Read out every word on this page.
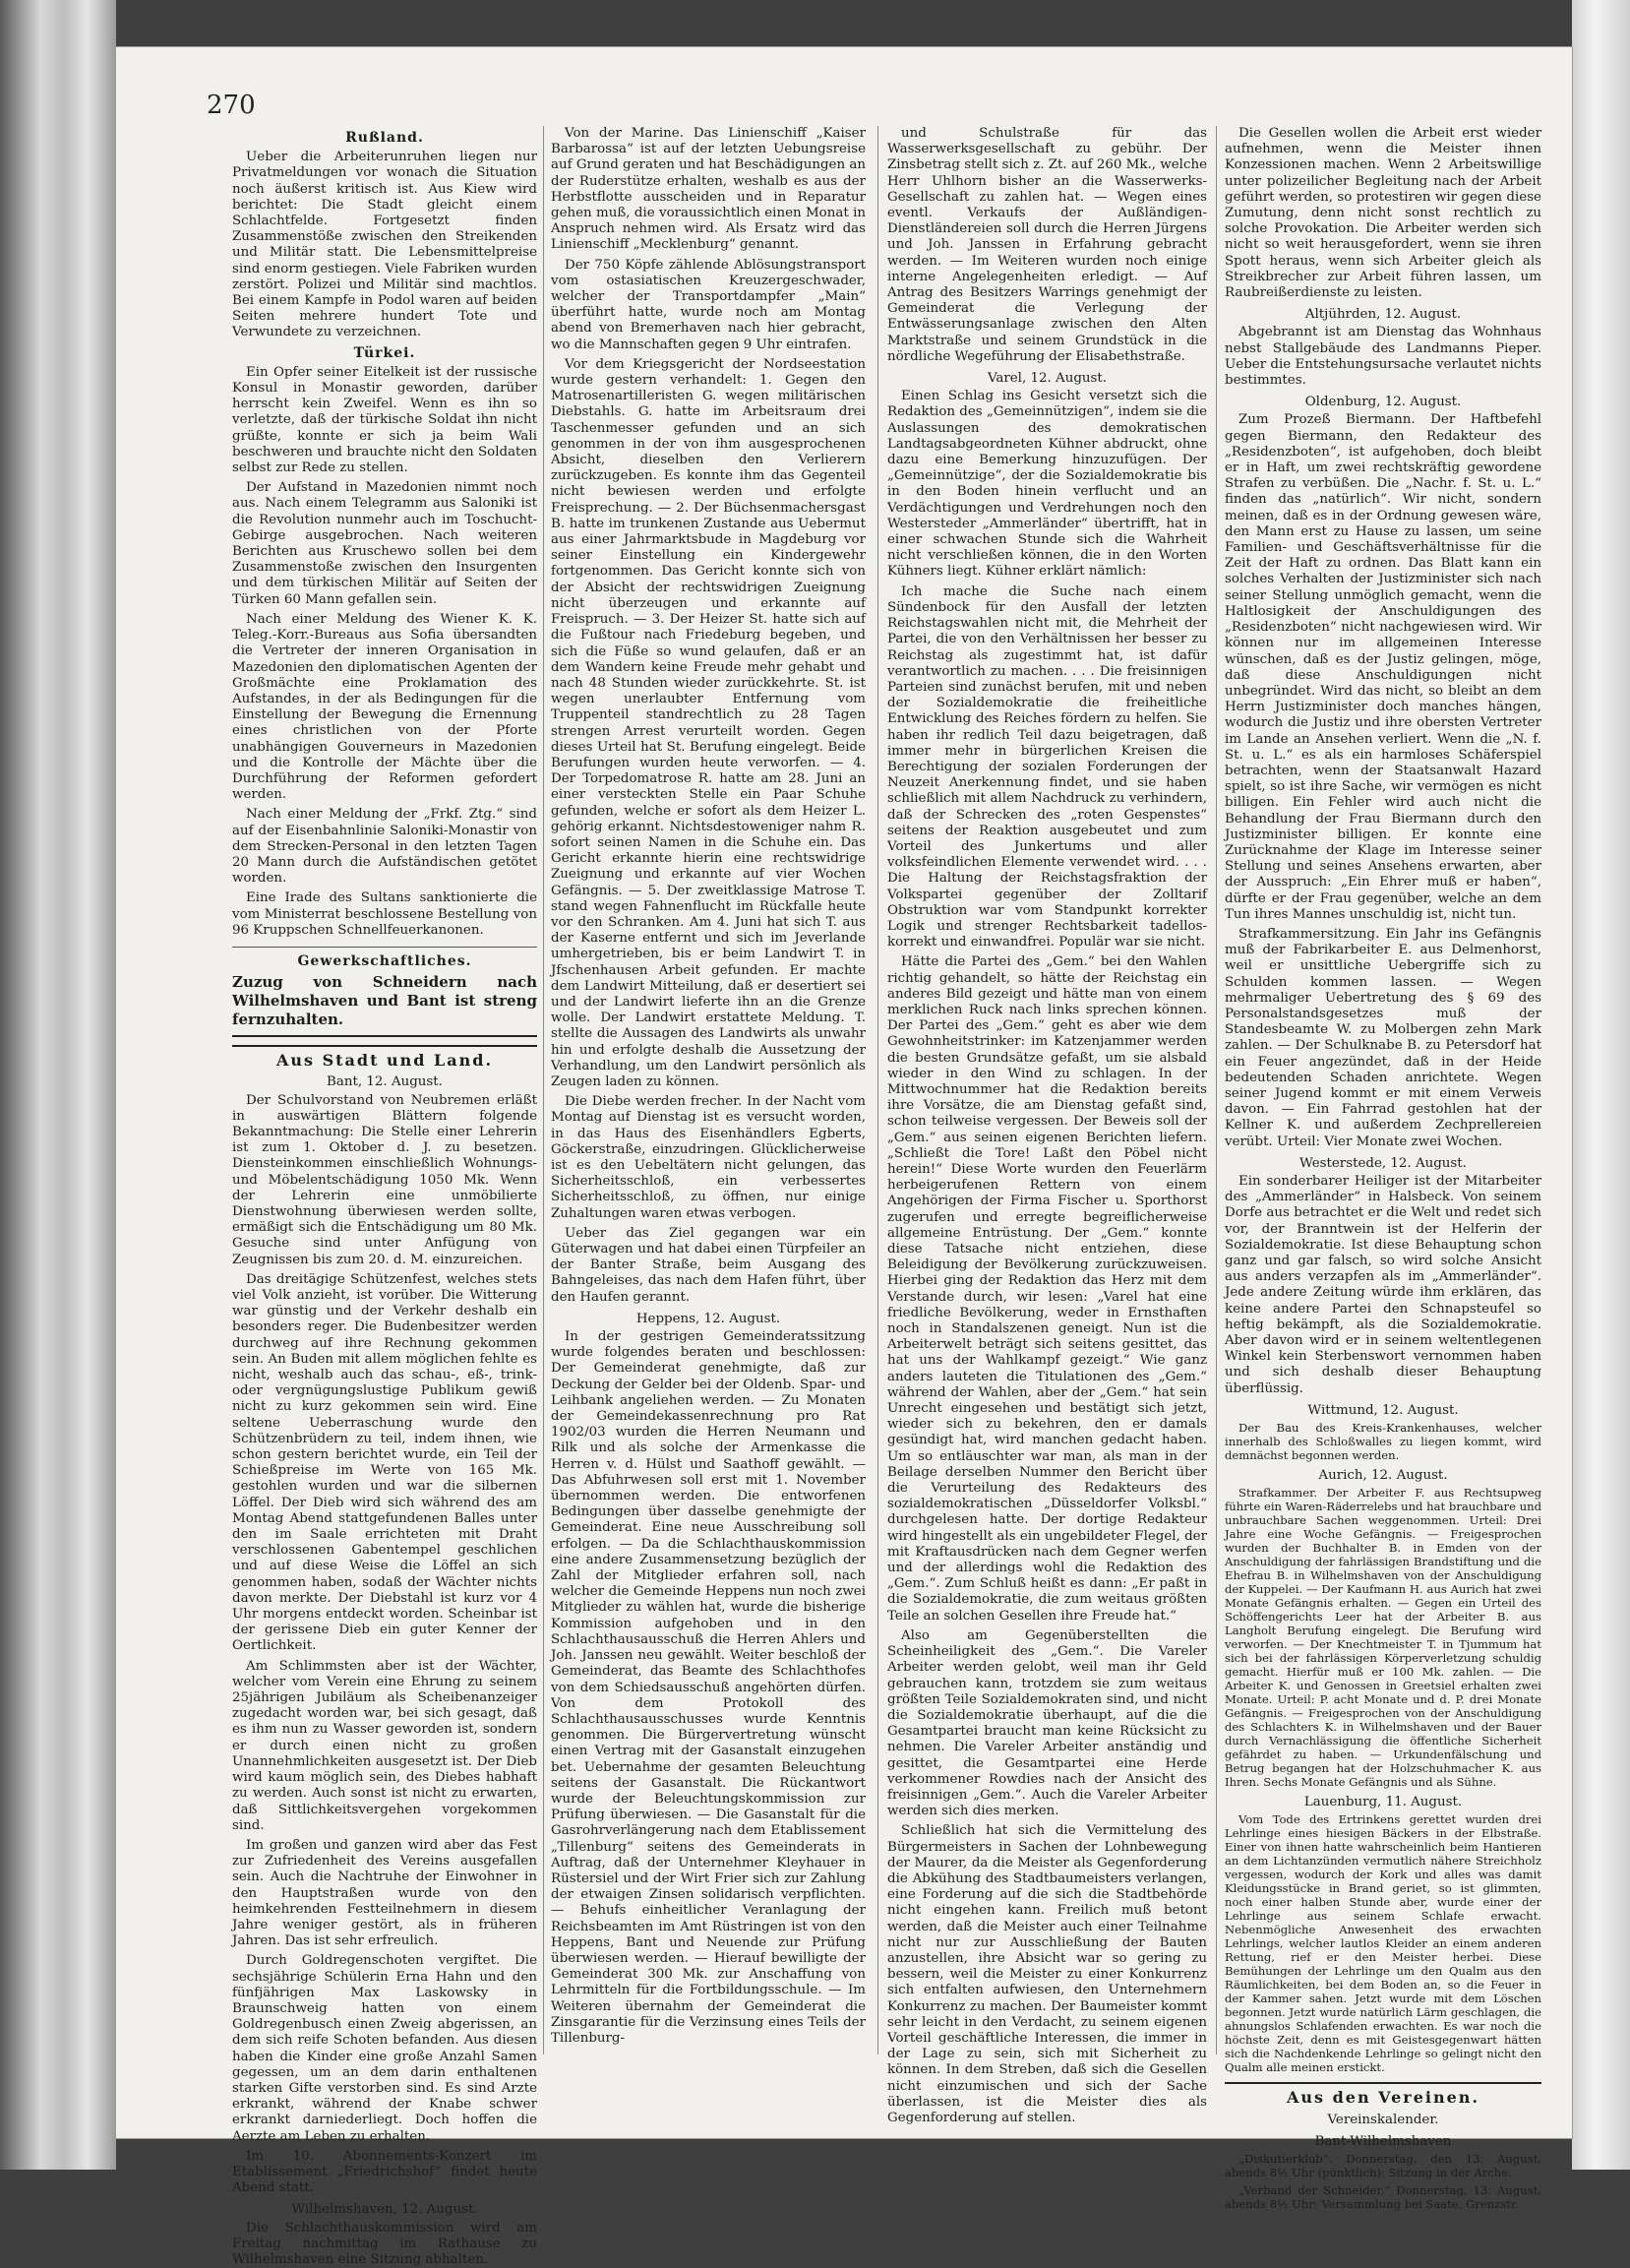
270
Rußland.

Ueber die Arbeiterunruhen liegen nur Privatmeldungen vor wonach die Situation noch äußerst kritisch ist. Aus Kiew wird berichtet: Die Stadt gleicht einem Schlachtfelde. Fortgesetzt finden Zusammenstöße zwischen den Streikenden und Militär statt. Die Lebensmittelpreise sind enorm gestiegen. Viele Fabriken wurden zerstört. Polizei und Militär sind machtlos. Bei einem Kampfe in Podol waren auf beiden Seiten mehrere hundert Tote und Verwundete zu verzeichnen.

Türkei.

Ein Opfer seiner Eitelkeit ist der russische Konsul in Monastir geworden, darüber herrscht kein Zweifel. Wenn es ihn so verletzte, daß der türkische Soldat ihn nicht grüßte, konnte er sich ja beim Wali beschweren und brauchte nicht den Soldaten selbst zur Rede zu stellen.

Der Aufstand in Mazedonien nimmt noch aus. Nach einem Telegramm aus Saloniki ist die Revolution nunmehr auch im Toschucht-Gebirge ausgebrochen. Nach weiteren Berichten aus Kruschewo sollen bei dem Zusammenstoße zwischen den Insurgenten und dem türkischen Militär auf Seiten der Türken 60 Mann gefallen sein.

Nach einer Meldung des Wiener K. K. Teleg.-Korr.-Bureaus aus Sofia übersandten die Vertreter der inneren Organisation in Mazedonien den diplomatischen Agenten der Großmächte eine Proklamation des Aufstandes, in der als Bedingungen für die Einstellung der Bewegung die Ernennung eines christlichen von der Pforte unabhängigen Gouverneurs in Mazedonien und die Kontrolle der Mächte über die Durchführung der Reformen gefordert werden.

Nach einer Meldung der „Frkf. Ztg.“ sind auf der Eisenbahnlinie Saloniki-Monastir von dem Strecken-Personal in den letzten Tagen 20 Mann durch die Aufständischen getötet worden.

Eine Irade des Sultans sanktionierte die vom Ministerrat beschlossene Bestellung von 96 Kruppschen Schnellfeuerkanonen.

Gewerkschaftliches.

Zuzug von Schneidern nach Wilhelmshaven und Bant ist streng fernzuhalten.

Aus Stadt und Land.
Bant, 12. August.

Der Schulvorstand von Neubremen erläßt in auswärtigen Blättern folgende Bekanntmachung: Die Stelle einer Lehrerin ist zum 1. Oktober d. J. zu besetzen. Diensteinkommen einschließlich Wohnungs- und Möbelentschädigung 1050 Mk. Wenn der Lehrerin eine unmöbilierte Dienstwohnung überwiesen werden sollte, ermäßigt sich die Entschädigung um 80 Mk. Gesuche sind unter Anfügung von Zeugnissen bis zum 20. d. M. einzureichen.

Das dreitägige Schützenfest, welches stets viel Volk anzieht, ist vorüber. Die Witterung war günstig und der Verkehr deshalb ein besonders reger. Die Budenbesitzer werden durchweg auf ihre Rechnung gekommen sein. An Buden mit allem möglichen fehlte es nicht, weshalb auch das schau-, eß-, trink- oder vergnügungslustige Publikum gewiß nicht zu kurz gekommen sein wird. Eine seltene Ueberraschung wurde den Schützenbrüdern zu teil, indem ihnen, wie schon gestern berichtet wurde, ein Teil der Schießpreise im Werte von 165 Mk. gestohlen wurden und war die silbernen Löffel. Der Dieb wird sich während des am Montag Abend stattgefundenen Balles unter den im Saale errichteten mit Draht verschlossenen Gabentempel geschlichen und auf diese Weise die Löffel an sich genommen haben, sodaß der Wächter nichts davon merkte. Der Diebstahl ist kurz vor 4 Uhr morgens entdeckt worden. Scheinbar ist der gerissene Dieb ein guter Kenner der Oertlichkeit.

Am Schlimmsten aber ist der Wächter, welcher vom Verein eine Ehrung zu seinem 25jährigen Jubiläum als Scheibenanzeiger zugedacht worden war, bei sich gesagt, daß es ihm nun zu Wasser geworden ist, sondern er durch einen nicht zu großen Unannehmlichkeiten ausgesetzt ist. Der Dieb wird kaum möglich sein, des Diebes habhaft zu werden. Auch sonst ist nicht zu erwarten, daß Sittlichkeitsvergehen vorgekommen sind.

Im großen und ganzen wird aber das Fest zur Zufriedenheit des Vereins ausgefallen sein. Auch die Nachtruhe der Einwohner in den Hauptstraßen wurde von den heimkehrenden Festteilnehmern in diesem Jahre weniger gestört, als in früheren Jahren. Das ist sehr erfreulich.

Durch Goldregenschoten vergiftet. Die sechsjährige Schülerin Erna Hahn und den fünfjährigen Max Laskowsky in Braunschweig hatten von einem Goldregenbusch einen Zweig abgerissen, an dem sich reife Schoten befanden. Aus diesen haben die Kinder eine große Anzahl Samen gegessen, um an dem darin enthaltenen starken Gifte verstorben sind. Es sind Arzte erkrankt, während der Knabe schwer erkrankt darniederliegt. Doch hoffen die Aerzte am Leben zu erhalten.

Im 10. Abonnements-Konzert im Etablissement „Friedrichshof“ findet heute Abend statt.

Wilhelmshaven, 12. August.

Die Schlachthauskommission wird am Freitag nachmittag im Rathause zu Wilhelmshaven eine Sitzung abhalten.

Von der Marine. Das Linienschiff „Kaiser Barbarossa“ ist auf der letzten Uebungsreise auf Grund geraten und hat Beschädigungen an der Ruderstütze erhalten, weshalb es aus der Herbstflotte ausscheiden und in Reparatur gehen muß, die voraussichtlich einen Monat in Anspruch nehmen wird. Als Ersatz wird das Linienschiff „Mecklenburg“ genannt.

Der 750 Köpfe zählende Ablösungstransport vom ostasiatischen Kreuzergeschwader, welcher der Transportdampfer „Main“ überführt hatte, wurde noch am Montag abend von Bremerhaven nach hier gebracht, wo die Mannschaften gegen 9 Uhr eintrafen.

Vor dem Kriegsgericht der Nordseestation wurde gestern verhandelt: 1. Gegen den Matrosenartilleristen G. wegen militärischen Diebstahls. G. hatte im Arbeitsraum drei Taschenmesser gefunden und an sich genommen in der von ihm ausgesprochenen Absicht, dieselben den Verlierern zurückzugeben. Es konnte ihm das Gegenteil nicht bewiesen werden und erfolgte Freisprechung. — 2. Der Büchsenmachersgast B. hatte im trunkenen Zustande aus Uebermut aus einer Jahrmarktsbude in Magdeburg vor seiner Einstellung ein Kindergewehr fortgenommen. Das Gericht konnte sich von der Absicht der rechtswidrigen Zueignung nicht überzeugen und erkannte auf Freispruch. — 3. Der Heizer St. hatte sich auf die Fußtour nach Friedeburg begeben, und sich die Füße so wund gelaufen, daß er an dem Wandern keine Freude mehr gehabt und nach 48 Stunden wieder zurückkehrte. St. ist wegen unerlaubter Entfernung vom Truppenteil standrechtlich zu 28 Tagen strengen Arrest verurteilt worden. Gegen dieses Urteil hat St. Berufung eingelegt. Beide Berufungen wurden heute verworfen. — 4. Der Torpedomatrose R. hatte am 28. Juni an einer versteckten Stelle ein Paar Schuhe gefunden, welche er sofort als dem Heizer L. gehörig erkannt. Nichtsdestoweniger nahm R. sofort seinen Namen in die Schuhe ein. Das Gericht erkannte hierin eine rechtswidrige Zueignung und erkannte auf vier Wochen Gefängnis. — 5. Der zweitklassige Matrose T. stand wegen Fahnenflucht im Rückfalle heute vor den Schranken. Am 4. Juni hat sich T. aus der Kaserne entfernt und sich im Jeverlande umhergetrieben, bis er beim Landwirt T. in Jfschenhausen Arbeit gefunden. Er machte dem Landwirt Mitteilung, daß er desertiert sei und der Landwirt lieferte ihn an die Grenze wolle. Der Landwirt erstattete Meldung. T. stellte die Aussagen des Landwirts als unwahr hin und erfolgte deshalb die Aussetzung der Verhandlung, um den Landwirt persönlich als Zeugen laden zu können.

Die Diebe werden frecher. In der Nacht vom Montag auf Dienstag ist es versucht worden, in das Haus des Eisenhändlers Egberts, Göckerstraße, einzudringen. Glücklicherweise ist es den Uebeltätern nicht gelungen, das Sicherheitsschloß, ein verbessertes Sicherheitsschloß, zu öffnen, nur einige Zuhaltungen waren etwas verbogen.

Ueber das Ziel gegangen war ein Güterwagen und hat dabei einen Türpfeiler an der Banter Straße, beim Ausgang des Bahngeleises, das nach dem Hafen führt, über den Haufen gerannt.

Heppens, 12. August.

In der gestrigen Gemeinderatssitzung wurde folgendes beraten und beschlossen: Der Gemeinderat genehmigte, daß zur Deckung der Gelder bei der Oldenb. Spar- und Leihbank angeliehen werden. — Zu Monaten der Gemeindekassenrechnung pro Rat 1902/03 wurden die Herren Neumann und Rilk und als solche der Armenkasse die Herren v. d. Hülst und Saathoff gewählt. — Das Abfuhrwesen soll erst mit 1. November übernommen werden. Die entworfenen Bedingungen über dasselbe genehmigte der Gemeinderat. Eine neue Ausschreibung soll erfolgen. — Da die Schlachthauskommission eine andere Zusammensetzung bezüglich der Zahl der Mitglieder erfahren soll, nach welcher die Gemeinde Heppens nun noch zwei Mitglieder zu wählen hat, wurde die bisherige Kommission aufgehoben und in den Schlachthausausschuß die Herren Ahlers und Joh. Janssen neu gewählt. Weiter beschloß der Gemeinderat, das Beamte des Schlachthofes von dem Schiedsausschuß angehörten dürfen. Von dem Protokoll des Schlachthausausschusses wurde Kenntnis genommen. Die Bürgervertretung wünscht einen Vertrag mit der Gasanstalt einzugehen bet. Uebernahme der gesamten Beleuchtung seitens der Gasanstalt. Die Rückantwort wurde der Beleuchtungskommission zur Prüfung überwiesen. — Die Gasanstalt für die Gasrohrverlängerung nach dem Etablissement „Tillenburg“ seitens des Gemeinderats in Auftrag, daß der Unternehmer Kleyhauer in Rüstersiel und der Wirt Frier sich zur Zahlung der etwaigen Zinsen solidarisch verpflichten. — Behufs einheitlicher Veranlagung der Reichsbeamten im Amt Rüstringen ist von den Heppens, Bant und Neuende zur Prüfung überwiesen werden. — Hierauf bewilligte der Gemeinderat 300 Mk. zur Anschaffung von Lehrmitteln für die Fortbildungsschule. — Im Weiteren übernahm der Gemeinderat die Zinsgarantie für die Verzinsung eines Teils der Tillenburg-

und Schulstraße für das Wasserwerksgesellschaft zu gebühr. Der Zinsbetrag stellt sich z. Zt. auf 260 Mk., welche Herr Uhlhorn bisher an die Wasserwerks-Gesellschaft zu zahlen hat. — Wegen eines eventl. Verkaufs der Außländigen-Dienstländereien soll durch die Herren Jürgens und Joh. Janssen in Erfahrung gebracht werden. — Im Weiteren wurden noch einige interne Angelegenheiten erledigt. — Auf Antrag des Besitzers Warrings genehmigt der Gemeinderat die Verlegung der Entwässerungsanlage zwischen den Alten Marktstraße und seinem Grundstück in die nördliche Wegeführung der Elisabethstraße.

Varel, 12. August.

Einen Schlag ins Gesicht versetzt sich die Redaktion des „Gemeinnützigen“, indem sie die Auslassungen des demokratischen Landtagsabgeordneten Kühner abdruckt, ohne dazu eine Bemerkung hinzuzufügen. Der „Gemeinnützige“, der die Sozialdemokratie bis in den Boden hinein verflucht und an Verdächtigungen und Verdrehungen noch den Westersteder „Ammerländer“ übertrifft, hat in einer schwachen Stunde sich die Wahrheit nicht verschließen können, die in den Worten Kühners liegt. Kühner erklärt nämlich:

Ich mache die Suche nach einem Sündenbock für den Ausfall der letzten Reichstagswahlen nicht mit, die Mehrheit der Partei, die von den Verhältnissen her besser zu Reichstag als zugestimmt hat, ist dafür verantwortlich zu machen. . . . Die freisinnigen Parteien sind zunächst berufen, mit und neben der Sozialdemokratie die freiheitliche Entwicklung des Reiches fördern zu helfen. Sie haben ihr redlich Teil dazu beigetragen, daß immer mehr in bürgerlichen Kreisen die Berechtigung der sozialen Forderungen der Neuzeit Anerkennung findet, und sie haben schließlich mit allem Nachdruck zu verhindern, daß der Schrecken des „roten Gespenstes“ seitens der Reaktion ausgebeutet und zum Vorteil des Junkertums und aller volksfeindlichen Elemente verwendet wird. . . . Die Haltung der Reichstagsfraktion der Volkspartei gegenüber der Zolltarif Obstruktion war vom Standpunkt korrekter Logik und strenger Rechtsbarkeit tadellos-korrekt und einwandfrei. Populär war sie nicht.

Hätte die Partei des „Gem.“ bei den Wahlen richtig gehandelt, so hätte der Reichstag ein anderes Bild gezeigt und hätte man von einem merklichen Ruck nach links sprechen können. Der Partei des „Gem.“ geht es aber wie dem Gewohnheitstrinker: im Katzenjammer werden die besten Grundsätze gefaßt, um sie alsbald wieder in den Wind zu schlagen. In der Mittwochnummer hat die Redaktion bereits ihre Vorsätze, die am Dienstag gefaßt sind, schon teilweise vergessen. Der Beweis soll der „Gem.“ aus seinen eigenen Berichten liefern. „Schließt die Tore! Laßt den Pöbel nicht herein!“ Diese Worte wurden den Feuerlärm herbeigerufenen Rettern von einem Angehörigen der Firma Fischer u. Sporthorst zugerufen und erregte begreiflicherweise allgemeine Entrüstung. Der „Gem.“ konnte diese Tatsache nicht entziehen, diese Beleidigung der Bevölkerung zurückzuweisen. Hierbei ging der Redaktion das Herz mit dem Verstande durch, wir lesen: „Varel hat eine friedliche Bevölkerung, weder in Ernsthaften noch in Standalszenen geneigt. Nun ist die Arbeiterwelt beträgt sich seitens gesittet, das hat uns der Wahlkampf gezeigt.“ Wie ganz anders lauteten die Titulationen des „Gem.“ während der Wahlen, aber der „Gem.“ hat sein Unrecht eingesehen und bestätigt sich jetzt, wieder sich zu bekehren, den er damals gesündigt hat, wird manchen gedacht haben. Um so entläuschter war man, als man in der Beilage derselben Nummer den Bericht über die Verurteilung des Redakteurs des sozialdemokratischen „Düsseldorfer Volksbl.“ durchgelesen hatte. Der dortige Redakteur wird hingestellt als ein ungebildeter Flegel, der mit Kraftausdrücken nach dem Gegner werfen und der allerdings wohl die Redaktion des „Gem.“. Zum Schluß heißt es dann: „Er paßt in die Sozialdemokratie, die zum weitaus größten Teile an solchen Gesellen ihre Freude hat.“

Also am Gegenüberstellten die Scheinheiligkeit des „Gem.“. Die Vareler Arbeiter werden gelobt, weil man ihr Geld gebrauchen kann, trotzdem sie zum weitaus größten Teile Sozialdemokraten sind, und nicht die Sozialdemokratie überhaupt, auf die die Gesamtpartei braucht man keine Rücksicht zu nehmen. Die Vareler Arbeiter anständig und gesittet, die Gesamtpartei eine Herde verkommener Rowdies nach der Ansicht des freisinnigen „Gem.“. Auch die Vareler Arbeiter werden sich dies merken.

Schließlich hat sich die Vermittelung des Bürgermeisters in Sachen der Lohnbewegung der Maurer, da die Meister als Gegenforderung die Abkühung des Stadtbaumeisters verlangen, eine Forderung auf die sich die Stadtbehörde nicht eingehen kann. Freilich muß betont werden, daß die Meister auch einer Teilnahme nicht nur zur Ausschließung der Bauten anzustellen, ihre Absicht war so gering zu bessern, weil die Meister zu einer Konkurrenz sich entfalten aufwiesen, den Unternehmern Konkurrenz zu machen. Der Baumeister kommt sehr leicht in den Verdacht, zu seinem eigenen Vorteil geschäftliche Interessen, die immer in der Lage zu sein, sich mit Sicherheit zu können. In dem Streben, daß sich die Gesellen nicht einzumischen und sich der Sache überlassen, ist die Meister dies als Gegenforderung auf stellen.

Die Gesellen wollen die Arbeit erst wieder aufnehmen, wenn die Meister ihnen Konzessionen machen. Wenn 2 Arbeitswillige unter polizeilicher Begleitung nach der Arbeit geführt werden, so protestiren wir gegen diese Zumutung, denn nicht sonst rechtlich zu solche Provokation. Die Arbeiter werden sich nicht so weit herausgefordert, wenn sie ihren Spott heraus, wenn sich Arbeiter gleich als Streikbrecher zur Arbeit führen lassen, um Raubreißerdienste zu leisten.

Altjührden, 12. August.

Abgebrannt ist am Dienstag das Wohnhaus nebst Stallgebäude des Landmanns Pieper. Ueber die Entstehungsursache verlautet nichts bestimmtes.

Oldenburg, 12. August.

Zum Prozeß Biermann. Der Haftbefehl gegen Biermann, den Redakteur des „Residenzboten“, ist aufgehoben, doch bleibt er in Haft, um zwei rechtskräftig gewordene Strafen zu verbüßen. Die „Nachr. f. St. u. L.“ finden das „natürlich“. Wir nicht, sondern meinen, daß es in der Ordnung gewesen wäre, den Mann erst zu Hause zu lassen, um seine Familien- und Geschäftsverhältnisse für die Zeit der Haft zu ordnen. Das Blatt kann ein solches Verhalten der Justizminister sich nach seiner Stellung unmöglich gemacht, wenn die Haltlosigkeit der Anschuldigungen des „Residenzboten“ nicht nachgewiesen wird. Wir können nur im allgemeinen Interesse wünschen, daß es der Justiz gelingen, möge, daß diese Anschuldigungen nicht unbegründet. Wird das nicht, so bleibt an dem Herrn Justizminister doch manches hängen, wodurch die Justiz und ihre obersten Vertreter im Lande an Ansehen verliert. Wenn die „N. f. St. u. L.“ es als ein harmloses Schäferspiel betrachten, wenn der Staatsanwalt Hazard spielt, so ist ihre Sache, wir vermögen es nicht billigen. Ein Fehler wird auch nicht die Behandlung der Frau Biermann durch den Justizminister billigen. Er konnte eine Zurücknahme der Klage im Interesse seiner Stellung und seines Ansehens erwarten, aber der Ausspruch: „Ein Ehrer muß er haben“, dürfte er der Frau gegenüber, welche an dem Tun ihres Mannes unschuldig ist, nicht tun.

Strafkammersitzung. Ein Jahr ins Gefängnis muß der Fabrikarbeiter E. aus Delmenhorst, weil er unsittliche Uebergriffe sich zu Schulden kommen lassen. — Wegen mehrmaliger Uebertretung des § 69 des Personalstandsgesetzes muß der Standesbeamte W. zu Molbergen zehn Mark zahlen. — Der Schulknabe B. zu Petersdorf hat ein Feuer angezündet, daß in der Heide bedeutenden Schaden anrichtete. Wegen seiner Jugend kommt er mit einem Verweis davon. — Ein Fahrrad gestohlen hat der Kellner K. und außerdem Zechprellereien verübt. Urteil: Vier Monate zwei Wochen.

Westerstede, 12. August.

Ein sonderbarer Heiliger ist der Mitarbeiter des „Ammerländer“ in Halsbeck. Von seinem Dorfe aus betrachtet er die Welt und redet sich vor, der Branntwein ist der Helferin der Sozialdemokratie. Ist diese Behauptung schon ganz und gar falsch, so wird solche Ansicht aus anders verzapfen als im „Ammerländer“. Jede andere Zeitung würde ihm erklären, das keine andere Partei den Schnapsteufel so heftig bekämpft, als die Sozialdemokratie. Aber davon wird er in seinem weltentlegenen Winkel kein Sterbenswort vernommen haben und sich deshalb dieser Behauptung überflüssig.

Wittmund, 12. August.

Der Bau des Kreis-Krankenhauses, welcher innerhalb des Schloßwalles zu liegen kommt, wird demnächst begonnen werden.

Aurich, 12. August.

Strafkammer. Der Arbeiter F. aus Rechtsupweg führte ein Waren-Räderrelebs und hat brauchbare und unbrauchbare Sachen weggenommen. Urteil: Drei Jahre eine Woche Gefängnis. — Freigesprochen wurden der Buchhalter B. in Emden von der Anschuldigung der fahrlässigen Brandstiftung und die Ehefrau B. in Wilhelmshaven von der Anschuldigung der Kuppelei. — Der Kaufmann H. aus Aurich hat zwei Monate Gefängnis erhalten. — Gegen ein Urteil des Schöffengerichts Leer hat der Arbeiter B. aus Langholt Berufung eingelegt. Die Berufung wird verworfen. — Der Knechtmeister T. in Tjummum hat sich bei der fahrlässigen Körperverletzung schuldig gemacht. Hierfür muß er 100 Mk. zahlen. — Die Arbeiter K. und Genossen in Greetsiel erhalten zwei Monate. Urteil: P. acht Monate und d. P. drei Monate Gefängnis. — Freigesprochen von der Anschuldigung des Schlachters K. in Wilhelmshaven und der Bauer durch Vernachlässigung die öffentliche Sicherheit gefährdet zu haben. — Urkundenfälschung und Betrug begangen hat der Holzschuhmacher K. aus Ihren. Sechs Monate Gefängnis und als Sühne.

Lauenburg, 11. August.

Vom Tode des Ertrinkens gerettet wurden drei Lehrlinge eines hiesigen Bäckers in der Elbstraße. Einer von ihnen hatte wahrscheinlich beim Hantieren an dem Lichtanzünden vermutlich nähere Streichholz vergessen, wodurch der Kork und alles was damit Kleidungsstücke in Brand geriet, so ist glimmten, noch einer halben Stunde aber, wurde einer der Lehrlinge aus seinem Schlafe erwacht. Nebenmögliche Anwesenheit des erwachten Lehrlings, welcher lautlos Kleider an einem anderen Rettung, rief er den Meister herbei. Diese Bemühungen der Lehrlinge um den Qualm aus den Räumlichkeiten, bei dem Boden an, so die Feuer in der Kammer sahen. Jetzt wurde mit dem Löschen begonnen. Jetzt wurde natürlich Lärm geschlagen, die ahnungslos Schlafenden erwachten. Es war noch die höchste Zeit, denn es mit Geistesgegenwart hätten sich die Nachdenkende Lehrlinge so gelingt nicht den Qualm alle meinen erstickt.

Aus den Vereinen.
Vereinskalender.
Bant-Wilhelmshaven

„Diskutierklub“. Donnerstag, den 13. August, abends 8½ Uhr (pünktlich): Sitzung in der Arche.

„Verband der Schneider.“ Donnerstag, 13. August, abends 8½ Uhr: Versammlung bei Saate, Grenzstr.
